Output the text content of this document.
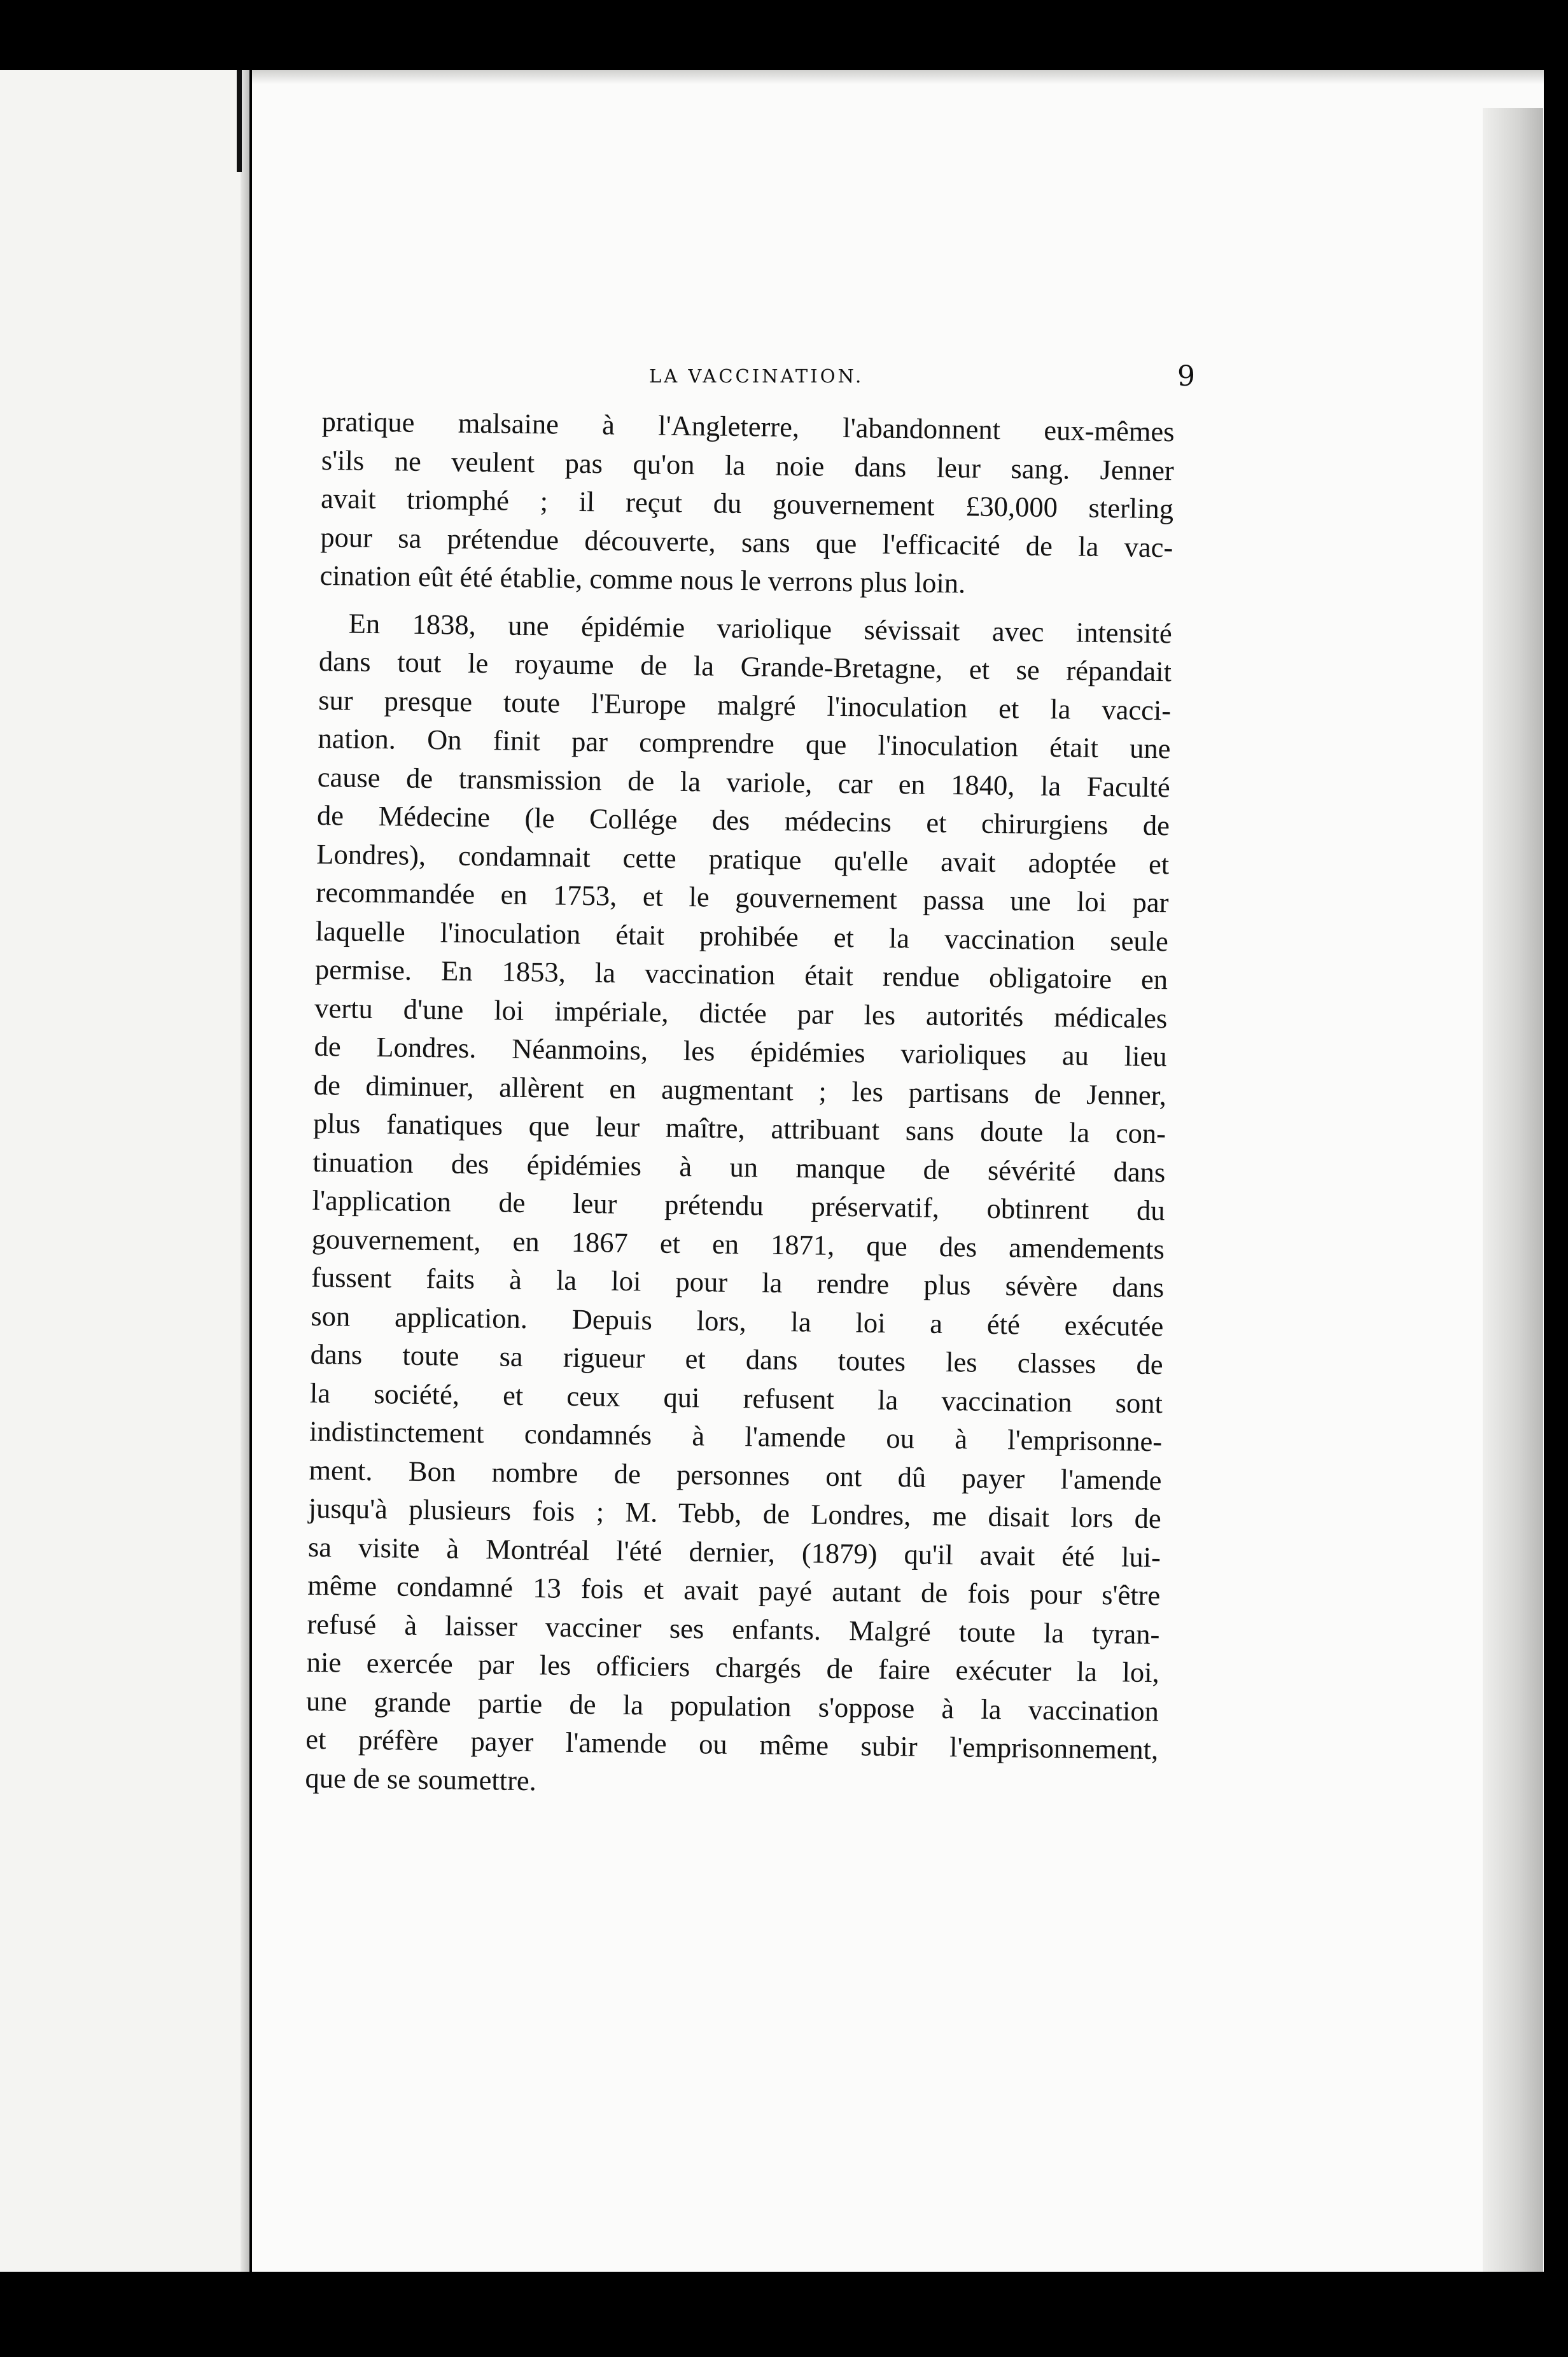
LA VACCINATION.	9
pratique malsaine à l'Angleterre, l'abandonnent eux-mêmes
s'ils ne veulent pas qu'on la noie dans leur sang. Jenner
avait triomphé ; il reçut du gouvernement £30,000 sterling
pour sa prétendue découverte, sans que l'efficacité de la vac-
cination eût été établie, comme nous le verrons plus loin.
En 1838, une épidémie variolique sévissait avec intensité
dans tout le royaume de la Grande-Bretagne, et se répandait
sur presque toute l'Europe malgré l'inoculation et la vacci-
nation. On finit par comprendre que l'inoculation était une
cause de transmission de la variole, car en 1840, la Faculté
de Médecine (le Collége des médecins et chirurgiens de
Londres), condamnait cette pratique qu'elle avait adoptée et
recommandée en 1753, et le gouvernement passa une loi par
laquelle l'inoculation était prohibée et la vaccination seule
permise. En 1853, la vaccination était rendue obligatoire en
vertu d'une loi impériale, dictée par les autorités médicales
de Londres. Néanmoins, les épidémies varioliques au lieu
de diminuer, allèrent en augmentant ; les partisans de Jenner,
plus fanatiques que leur maître, attribuant sans doute la con-
tinuation des épidémies à un manque de sévérité dans
l'application de leur prétendu préservatif, obtinrent du
gouvernement, en 1867 et en 1871, que des amendements
fussent faits à la loi pour la rendre plus sévère dans
son application. Depuis lors, la loi a été exécutée
dans toute sa rigueur et dans toutes les classes de
la société, et ceux qui refusent la vaccination sont
indistinctement condamnés à l'amende ou à l'emprisonne-
ment. Bon nombre de personnes ont dû payer l'amende
jusqu'à plusieurs fois ; M. Tebb, de Londres, me disait lors de
sa visite à Montréal l'été dernier, (1879) qu'il avait été lui-
même condamné 13 fois et avait payé autant de fois pour s'être
refusé à laisser vacciner ses enfants. Malgré toute la tyran-
nie exercée par les officiers chargés de faire exécuter la loi,
une grande partie de la population s'oppose à la vaccination
et préfère payer l'amende ou même subir l'emprisonnement,
que de se soumettre.
